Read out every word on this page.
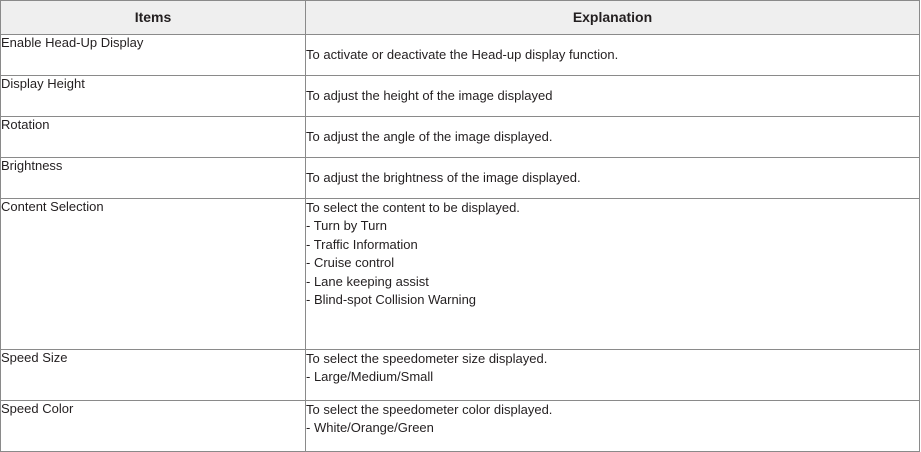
Items	Explanation
Enable Head-Up Display	To activate or deactivate the Head-up display function.

Display Height	To adjust the height of the image displayed

Rotation	To adjust the angle of the image displayed.

Brightness	To adjust the brightness of the image displayed.

Content Selection	To select the content to be displayed.
- Turn by Turn
- Traffic Information
- Cruise control
- Lane keeping assist
- Blind-spot Collision Warning

Speed Size	To select the speedometer size displayed.
- Large/Medium/Small

Speed Color	To select the speedometer color displayed.
- White/Orange/Green
